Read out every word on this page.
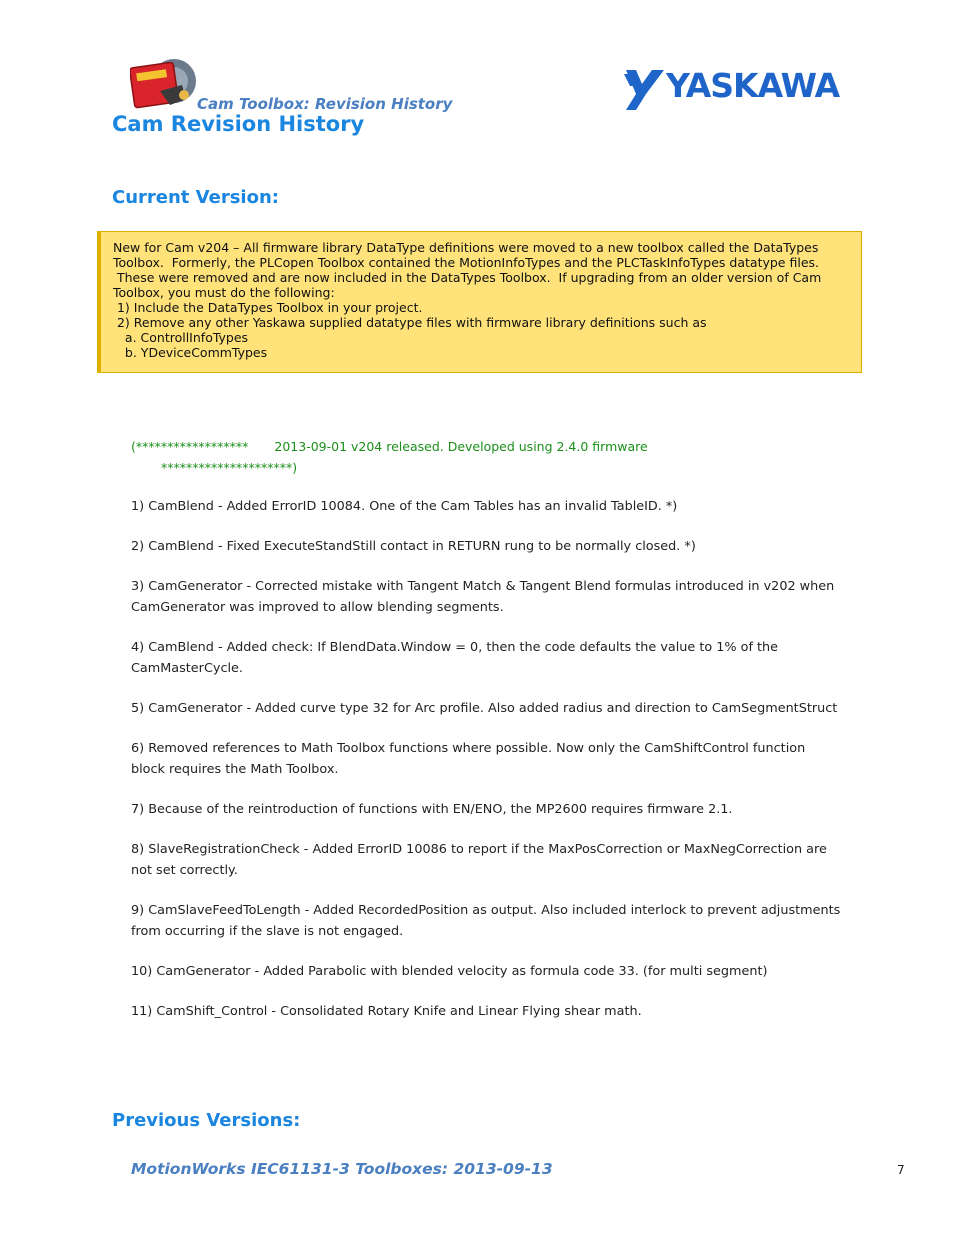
Cam Toolbox: Revision History	YASKAWA
Cam Revision History
Current Version:

New for Cam v204 – All firmware library DataType definitions were moved to a new toolbox called the DataTypes

Toolbox.  Formerly, the PLCopen Toolbox contained the MotionInfoTypes and the PLCTaskInfoTypes datatype files.

These were removed and are now included in the DataTypes Toolbox.  If upgrading from an older version of Cam

Toolbox, you must do the following:

1) Include the DataTypes Toolbox in your project.

2) Remove any other Yaskawa supplied datatype files with firmware library definitions such as

a. ControllInfoTypes

b. YDeviceCommTypes

(****************** 2013-09-01 v204 released. Developed using 2.4.0 firmware
*********************)
1) CamBlend - Added ErrorID 10084. One of the Cam Tables has an invalid TableID. *)
2) CamBlend - Fixed ExecuteStandStill contact in RETURN rung to be normally closed. *)
3) CamGenerator - Corrected mistake with Tangent Match & Tangent Blend formulas introduced in v202 when CamGenerator was improved to allow blending segments.
4) CamBlend - Added check: If BlendData.Window = 0, then the code defaults the value to 1% of the CamMasterCycle.
5) CamGenerator - Added curve type 32 for Arc profile. Also added radius and direction to CamSegmentStruct
6) Removed references to Math Toolbox functions where possible. Now only the CamShiftControl function block requires the Math Toolbox.
7) Because of the reintroduction of functions with EN/ENO, the MP2600 requires firmware 2.1.
8) SlaveRegistrationCheck - Added ErrorID 10086 to report if the MaxPosCorrection or MaxNegCorrection are not set correctly.
9) CamSlaveFeedToLength - Added RecordedPosition as output. Also included interlock to prevent adjustments from occurring if the slave is not engaged.
10) CamGenerator - Added Parabolic with blended velocity as formula code 33. (for multi segment)
11) CamShift_Control - Consolidated Rotary Knife and Linear Flying shear math.
Previous Versions:
MotionWorks IEC61131-3 Toolboxes: 2013-09-13	7
